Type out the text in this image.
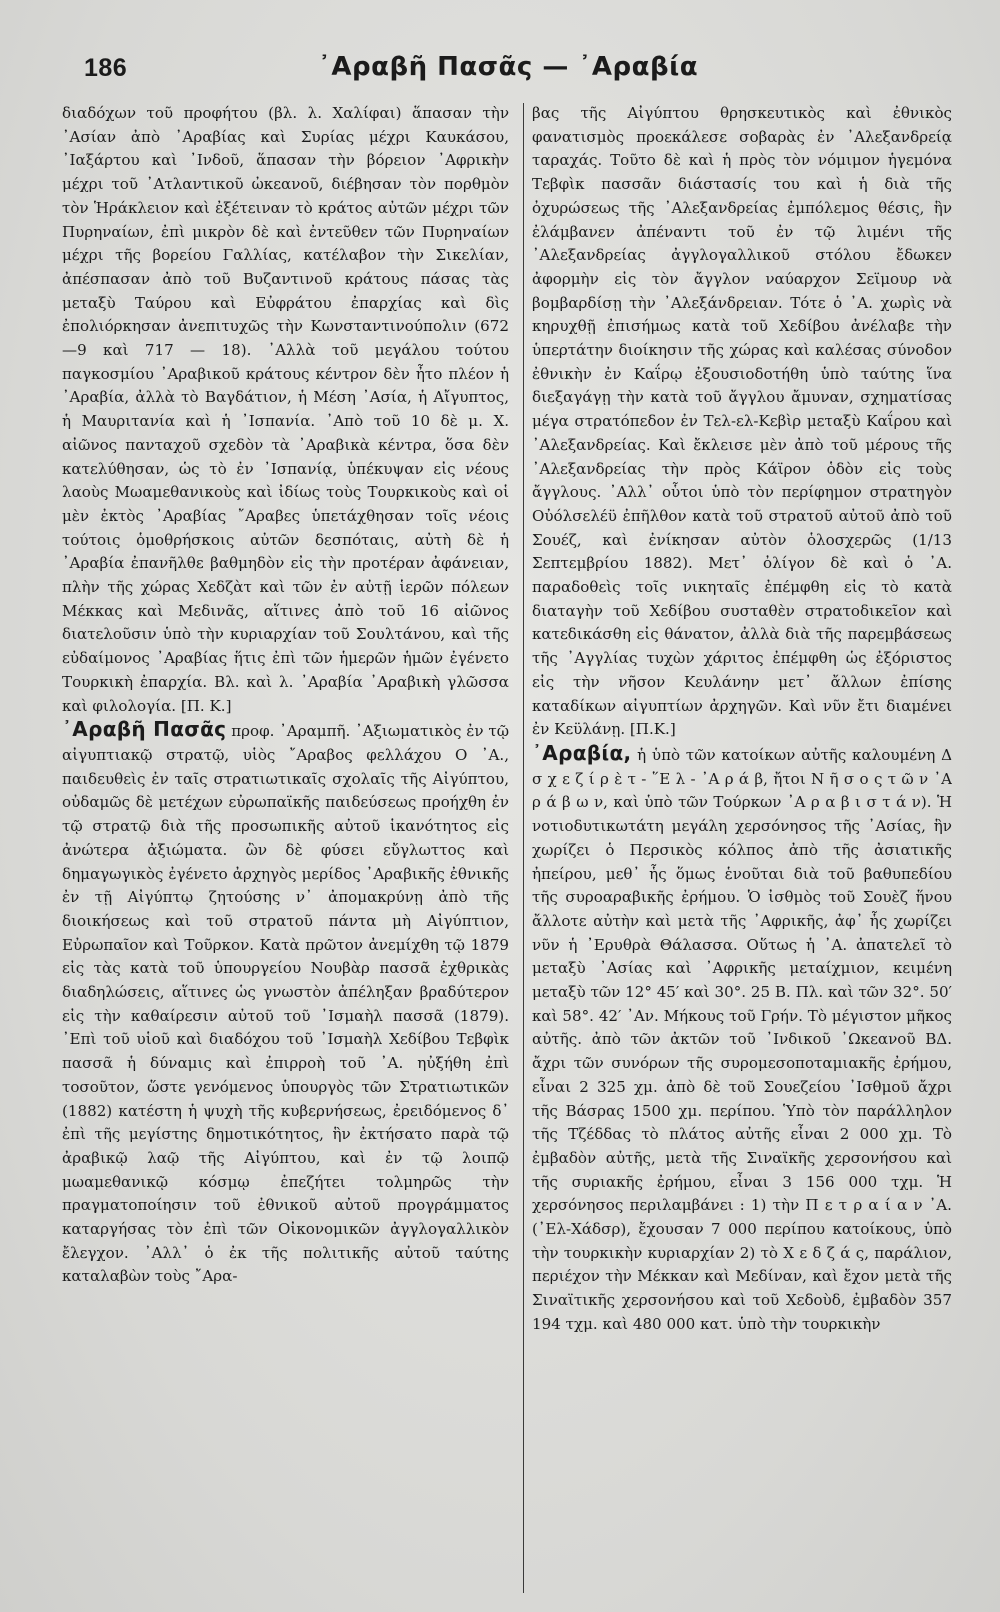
186	᾿Αραβῆ Πασᾶς — ᾿Αραβία

διαδόχων τοῦ προφήτου (βλ. λ. Χαλίφαι) ἅπασαν τὴν ᾿Ασίαν ἀπὸ ᾿Αραβίας καὶ Συρίας μέχρι Καυκάσου, ᾿Ιαξάρτου καὶ ᾿Ινδοῦ, ἅπασαν τὴν βόρειον ᾿Αφρικὴν μέχρι τοῦ ᾿Ατλαντικοῦ ὠκεανοῦ, διέβησαν τὸν πορθμὸν τὸν Ἡράκλειον καὶ ἐξέτειναν τὸ κράτος αὐτῶν μέχρι τῶν Πυρηναίων, ἐπὶ μικρὸν δὲ καὶ ἐντεῦθεν τῶν Πυρηναίων μέχρι τῆς βορείου Γαλλίας, κατέλαβον τὴν Σικελίαν, ἀπέσπασαν ἀπὸ τοῦ Βυζαντινοῦ κράτους πάσας τὰς μεταξὺ Ταύρου καὶ Εὐφράτου ἐπαρχίας καὶ δὶς ἐπολιόρκησαν ἀνεπιτυχῶς τὴν Κωνσταντινούπολιν (672—9 καὶ 717 — 18). ᾿Αλλὰ τοῦ μεγάλου τούτου παγκοσμίου ᾿Αραβικοῦ κράτους κέντρον δὲν ἦτο πλέον ἡ ᾿Αραβία, ἀλλὰ τὸ Βαγδάτιον, ἡ Μέση ᾿Ασία, ἡ Αἴγυπτος, ἡ Μαυριτανία καὶ ἡ ᾿Ισπανία. ᾿Απὸ τοῦ 10 δὲ μ. Χ. αἰῶνος πανταχοῦ σχεδὸν τὰ ᾿Αραβικὰ κέντρα, ὅσα δὲν κατελύθησαν, ὡς τὸ ἐν ᾿Ισπανίᾳ, ὑπέκυψαν εἰς νέους λαοὺς Μωαμεθανικοὺς καὶ ἰδίως τοὺς Τουρκικοὺς καὶ οἱ μὲν ἐκτὸς ᾿Αραβίας ῎Αραβες ὑπετάχθησαν τοῖς νέοις τούτοις ὁμοθρήσκοις αὐτῶν δεσπόταις, αὐτὴ δὲ ἡ ᾿Αραβία ἐπανῆλθε βαθμηδὸν εἰς τὴν προτέραν ἀφάνειαν, πλὴν τῆς χώρας Χεδζὰτ καὶ τῶν ἐν αὐτῇ ἱερῶν πόλεων Μέκκας καὶ Μεδινᾶς, αἵτινες ἀπὸ τοῦ 16 αἰῶνος διατελοῦσιν ὑπὸ τὴν κυριαρχίαν τοῦ Σουλτάνου, καὶ τῆς εὐδαίμονος ᾿Αραβίας ἥτις ἐπὶ τῶν ἡμερῶν ἡμῶν ἐγένετο Τουρκικὴ ἐπαρχία. Βλ. καὶ λ. ᾿Αραβία ᾿Αραβικὴ γλῶσσα καὶ φιλολογία. [Π. Κ.]

᾿Αραβῆ Πασᾶς προφ. ᾿Αραμπῆ. ᾿Αξιωματικὸς ἐν τῷ αἰγυπτιακῷ στρατῷ, υἱὸς ῎Αραβος φελλάχου Ο ᾿Α., παιδευθεὶς ἐν ταῖς στρατιωτικαῖς σχολαῖς τῆς Αἰγύπτου, οὐδαμῶς δὲ μετέχων εὐρωπαϊκῆς παιδεύσεως προήχθη ἐν τῷ στρατῷ διὰ τῆς προσωπικῆς αὐτοῦ ἱκανότητος εἰς ἀνώτερα ἀξιώματα. ὢν δὲ φύσει εὔγλωττος καὶ δημαγωγικὸς ἐγένετο ἀρχηγὸς μερίδος ᾿Αραβικῆς ἐθνικῆς ἐν τῇ Αἰγύπτῳ ζητούσης ν᾿ ἀπομακρύνῃ ἀπὸ τῆς διοικήσεως καὶ τοῦ στρατοῦ πάντα μὴ Αἰγύπτιον, Εὐρωπαῖον καὶ Τοῦρκον. Κατὰ πρῶτον ἀνεμίχθη τῷ 1879 εἰς τὰς κατὰ τοῦ ὑπουργείου Νουβὰρ πασσᾶ ἐχθρικὰς διαδηλώσεις, αἵτινες ὡς γνωστὸν ἀπέληξαν βραδύτερον εἰς τὴν καθαίρεσιν αὐτοῦ τοῦ ᾿Ισμαὴλ πασσᾶ (1879). ᾿Επὶ τοῦ υἱοῦ καὶ διαδόχου τοῦ ᾿Ισμαὴλ Χεδίβου Τεβφὶκ πασσᾶ ἡ δύναμις καὶ ἐπιρροὴ τοῦ ᾿Α. ηὐξήθη ἐπὶ τοσοῦτον, ὥστε γενόμενος ὑπουργὸς τῶν Στρατιωτικῶν (1882) κατέστη ἡ ψυχὴ τῆς κυβερνήσεως, ἐρειδόμενος δ᾿ ἐπὶ τῆς μεγίστης δημοτικότητος, ἣν ἐκτήσατο παρὰ τῷ ἀραβικῷ λαῷ τῆς Αἰγύπτου, καὶ ἐν τῷ λοιπῷ μωαμεθανικῷ κόσμῳ ἐπεζήτει τολμηρῶς τὴν πραγματοποίησιν τοῦ ἐθνικοῦ αὐτοῦ προγράμματος καταργήσας τὸν ἐπὶ τῶν Οἰκονομικῶν ἀγγλογαλλικὸν ἔλεγχον. ᾿Αλλ᾿ ὁ ἐκ τῆς πολιτικῆς αὐτοῦ ταύτης καταλαβὼν τοὺς ῎Αρα-

βας τῆς Αἰγύπτου θρησκευτικὸς καὶ ἐθνικὸς φανατισμὸς προεκάλεσε σοβαρὰς ἐν ᾿Αλεξανδρείᾳ ταραχάς. Τοῦτο δὲ καὶ ἡ πρὸς τὸν νόμιμον ἡγεμόνα Τεβφὶκ πασσᾶν διάστασίς του καὶ ἡ διὰ τῆς ὀχυρώσεως τῆς ᾿Αλεξανδρείας ἐμπόλεμος θέσις, ἣν ἐλάμβανεν ἀπέναντι τοῦ ἐν τῷ λιμένι τῆς ᾿Αλεξανδρείας ἀγγλογαλλικοῦ στόλου ἔδωκεν ἀφορμὴν εἰς τὸν ἄγγλον ναύαρχον Σεϊμουρ νὰ βομβαρδίσῃ τὴν ᾿Αλεξάνδρειαν. Τότε ὁ ᾿Α. χωρὶς νὰ κηρυχθῇ ἐπισήμως κατὰ τοῦ Χεδίβου ἀνέλαβε τὴν ὑπερτάτην διοίκησιν τῆς χώρας καὶ καλέσας σύνοδον ἐθνικὴν ἐν Καΐρῳ ἐξουσιοδοτήθη ὑπὸ ταύτης ἵνα διεξαγάγῃ τὴν κατὰ τοῦ ἄγγλου ἄμυναν, σχηματίσας μέγα στρατόπεδον ἐν Τελ-ελ-Κεβὶρ μεταξὺ Καΐρου καὶ ᾿Αλεξανδρείας. Καὶ ἔκλεισε μὲν ἀπὸ τοῦ μέρους τῆς ᾿Αλεξανδρείας τὴν πρὸς Κάϊρον ὁδὸν εἰς τοὺς ἄγγλους. ᾿Αλλ᾿ οὗτοι ὑπὸ τὸν περίφημον στρατηγὸν Οὐόλσελέϋ ἐπῆλθον κατὰ τοῦ στρατοῦ αὐτοῦ ἀπὸ τοῦ Σουέζ, καὶ ἐνίκησαν αὐτὸν ὁλοσχερῶς (1/13 Σεπτεμβρίου 1882). Μετ᾿ ὀλίγον δὲ καὶ ὁ ᾿Α. παραδοθεὶς τοῖς νικηταῖς ἐπέμφθη εἰς τὸ κατὰ διαταγὴν τοῦ Χεδίβου συσταθὲν στρατοδικεῖον καὶ κατεδικάσθη εἰς θάνατον, ἀλλὰ διὰ τῆς παρεμβάσεως τῆς ᾿Αγγλίας τυχὼν χάριτος ἐπέμφθη ὡς ἐξόριστος εἰς τὴν νῆσον Κευλάνην μετ᾿ ἄλλων ἐπίσης καταδίκων αἰγυπτίων ἀρχηγῶν. Καὶ νῦν ἔτι διαμένει ἐν Κεϋλάνῃ. [Π.Κ.]

᾿Αραβία, ἡ ὑπὸ τῶν κατοίκων αὐτῆς καλουμένη Δ σ χ ε ζ ί ρ ὲ τ - ῞Ε λ - ᾿Α ρ ά β, ἤτοι Ν ῆ σ ο ς τ ῶ ν ᾿Α ρ ά β ω ν, καὶ ὑπὸ τῶν Τούρκων ᾿Α ρ α β ι σ τ ά ν). Ἡ νοτιοδυτικωτάτη μεγάλη χερσόνησος τῆς ᾿Ασίας, ἣν χωρίζει ὁ Περσικὸς κόλπος ἀπὸ τῆς ἀσιατικῆς ἠπείρου, μεθ᾿ ἧς ὅμως ἑνοῦται διὰ τοῦ βαθυπεδίου τῆς συροαραβικῆς ἐρήμου. Ὁ ἰσθμὸς τοῦ Σουὲζ ἥνου ἄλλοτε αὐτὴν καὶ μετὰ τῆς ᾿Αφρικῆς, ἀφ᾿ ἧς χωρίζει νῦν ἡ ᾿Ερυθρὰ Θάλασσα. Οὕτως ἡ ᾿Α. ἀπατελεῖ τὸ μεταξὺ ᾿Ασίας καὶ ᾿Αφρικῆς μεταίχμιον, κειμένη μεταξὺ τῶν 12° 45′ καὶ 30°. 25 Β. Πλ. καὶ τῶν 32°. 50′ καὶ 58°. 42′ ᾿Αν. Μήκους τοῦ Γρήν. Τὸ μέγιστον μῆκος αὐτῆς. ἀπὸ τῶν ἀκτῶν τοῦ ᾿Ινδικοῦ ᾿Ωκεανοῦ ΒΔ. ἄχρι τῶν συνόρων τῆς συρομεσοποταμιακῆς ἐρήμου, εἶναι 2 325 χμ. ἀπὸ δὲ τοῦ Σουεζείου ᾿Ισθμοῦ ἄχρι τῆς Βάσρας 1500 χμ. περίπου. Ὑπὸ τὸν παράλληλον τῆς Τζέδδας τὸ πλάτος αὐτῆς εἶναι 2 000 χμ. Τὸ ἐμβαδὸν αὐτῆς, μετὰ τῆς Σιναϊκῆς χερσονήσου καὶ τῆς συριακῆς ἐρήμου, εἶναι 3 156 000 τχμ. Ἡ χερσόνησος περιλαμβάνει : 1) τὴν Π ε τ ρ α ί α ν ᾿Α. (᾿Ελ-Χάδσρ), ἔχουσαν 7 000 περίπου κατοίκους, ὑπὸ τὴν τουρκικὴν κυριαρχίαν 2) τὸ Χ ε δ ζ ά ς, παράλιον, περιέχον τὴν Μέκκαν καὶ Μεδίναν, καὶ ἔχον μετὰ τῆς Σιναϊτικῆς χερσονήσου καὶ τοῦ Χεδοὺδ, ἐμβαδὸν 357 194 τχμ. καὶ 480 000 κατ. ὑπὸ τὴν τουρκικὴν
